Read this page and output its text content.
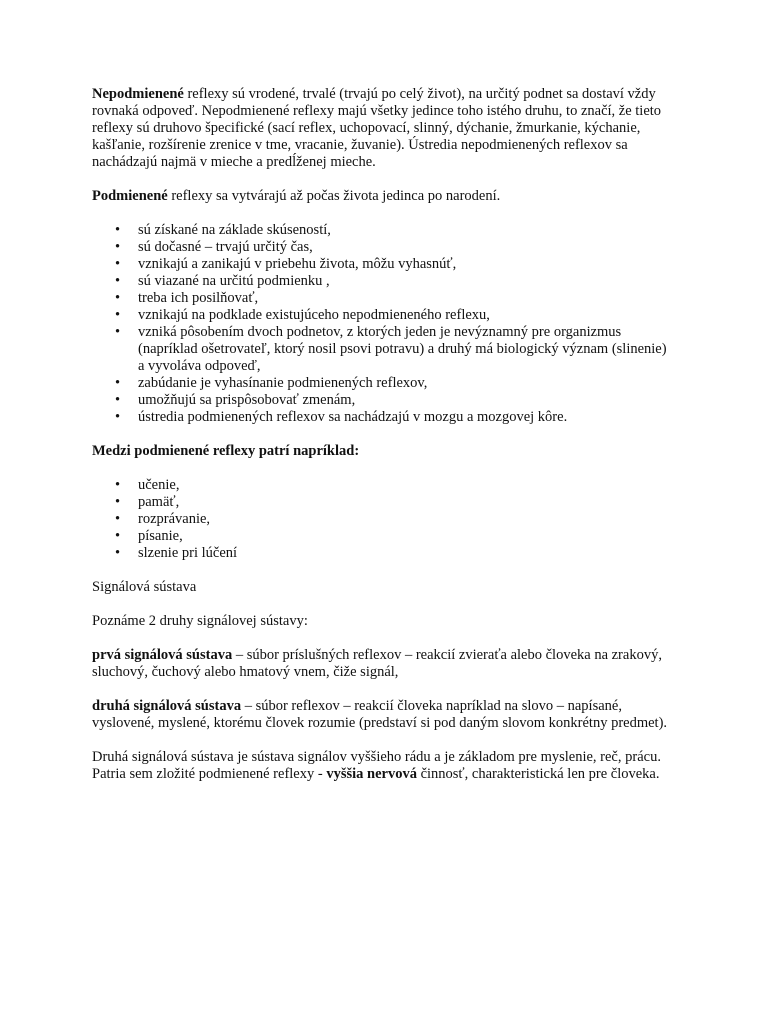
Nepodmienené reflexy sú vrodené, trvalé (trvajú po celý život), na určitý podnet sa dostaví vždy rovnaká odpoveď. Nepodmienené reflexy majú všetky jedince toho istého druhu, to značí, že tieto reflexy sú druhovo špecifické (sací reflex, uchopovací, slinný, dýchanie, žmurkanie, kýchanie, kašľanie, rozšírenie zrenice v tme, vracanie, žuvanie). Ústredia nepodmienených reflexov sa nachádzajú najmä v mieche a predĺženej mieche.

Podmienené reflexy sa vytvárajú až počas života jedinca po narodení.

• sú získané na základe skúseností,
• sú dočasné – trvajú určitý čas,
• vznikajú a zanikajú v priebehu života, môžu vyhasnúť,
• sú viazané na určitú podmienku ,
• treba ich posilňovať,
• vznikajú na podklade existujúceho nepodmieneného reflexu,
• vzniká pôsobením dvoch podnetov, z ktorých jeden je nevýznamný pre organizmus (napríklad ošetrovateľ, ktorý nosil psovi potravu) a druhý má biologický význam (slinenie) a vyvoláva odpoveď,
• zabúdanie je vyhasínanie podmienených reflexov,
• umožňujú sa prispôsobovať zmenám,
• ústredia podmienených reflexov sa nachádzajú v mozgu a mozgovej kôre.

Medzi podmienené reflexy patrí napríklad:

• učenie,
• pamäť,
• rozprávanie,
• písanie,
• slzenie pri lúčení

Signálová sústava

Poznáme 2 druhy signálovej sústavy:

prvá signálová sústava – súbor príslušných reflexov – reakcií zvieraťa alebo človeka na zrakový, sluchový, čuchový alebo hmatový vnem, čiže signál,

druhá signálová sústava – súbor reflexov – reakcií človeka napríklad na slovo – napísané, vyslovené, myslené, ktorému človek rozumie (predstaví si pod daným slovom konkrétny predmet).

Druhá signálová sústava je sústava signálov vyššieho rádu a je základom pre myslenie, reč, prácu. Patria sem zložité podmienené reflexy - vyššia nervová činnosť, charakteristická len pre človeka.
